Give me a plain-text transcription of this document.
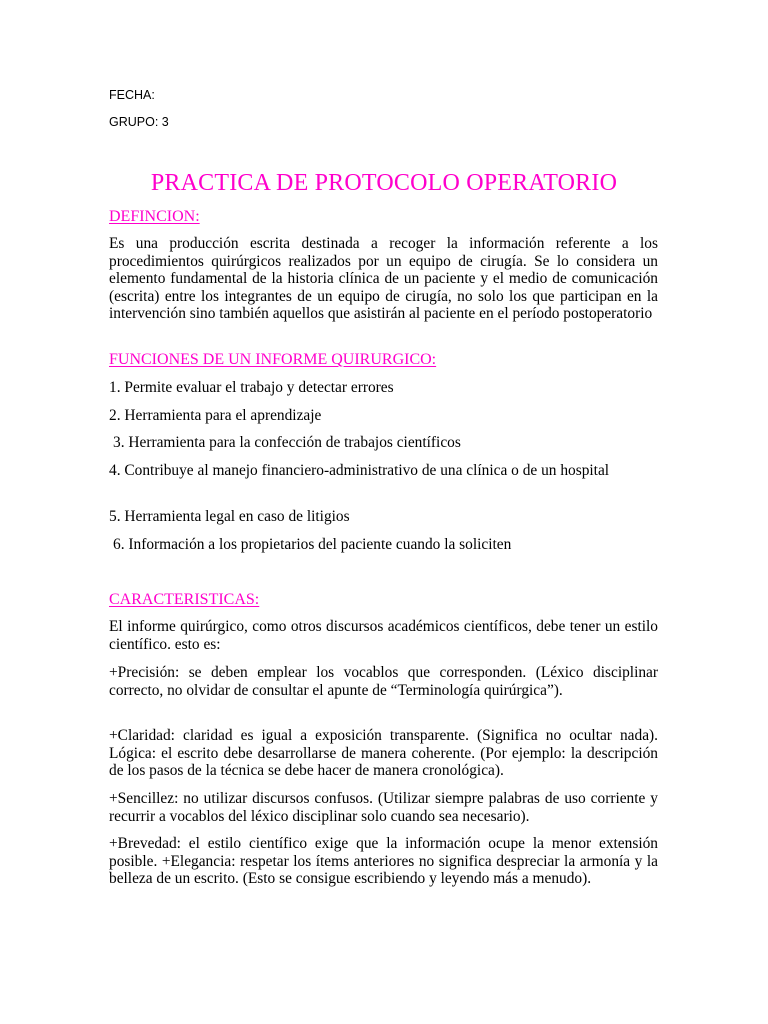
FECHA:
GRUPO: 3
PRACTICA DE PROTOCOLO OPERATORIO
DEFINCION:
Es una producción escrita destinada a recoger la información referente a los procedimientos quirúrgicos realizados por un equipo de cirugía. Se lo considera un elemento fundamental de la historia clínica de un paciente y el medio de comunicación (escrita) entre los integrantes de un equipo de cirugía, no solo los que participan en la intervención sino también aquellos que asistirán al paciente en el período postoperatorio
FUNCIONES DE UN INFORME QUIRURGICO:
1. Permite evaluar el trabajo y detectar errores
2. Herramienta para el aprendizaje
3. Herramienta para la confección de trabajos científicos
4. Contribuye al manejo financiero-administrativo de una clínica o de un hospital
5. Herramienta legal en caso de litigios
6. Información a los propietarios del paciente cuando la soliciten
CARACTERISTICAS:
El informe quirúrgico, como otros discursos académicos científicos, debe tener un estilo científico. esto es:
+Precisión: se deben emplear los vocablos que corresponden. (Léxico disciplinar correcto, no olvidar de consultar el apunte de “Terminología quirúrgica”).
+Claridad: claridad es igual a exposición transparente. (Significa no ocultar nada). Lógica: el escrito debe desarrollarse de manera coherente. (Por ejemplo: la descripción de los pasos de la técnica se debe hacer de manera cronológica).
+Sencillez: no utilizar discursos confusos. (Utilizar siempre palabras de uso corriente y recurrir a vocablos del léxico disciplinar solo cuando sea necesario).
+Brevedad: el estilo científico exige que la información ocupe la menor extensión posible. +Elegancia: respetar los ítems anteriores no significa despreciar la armonía y la belleza de un escrito. (Esto se consigue escribiendo y leyendo más a menudo).
